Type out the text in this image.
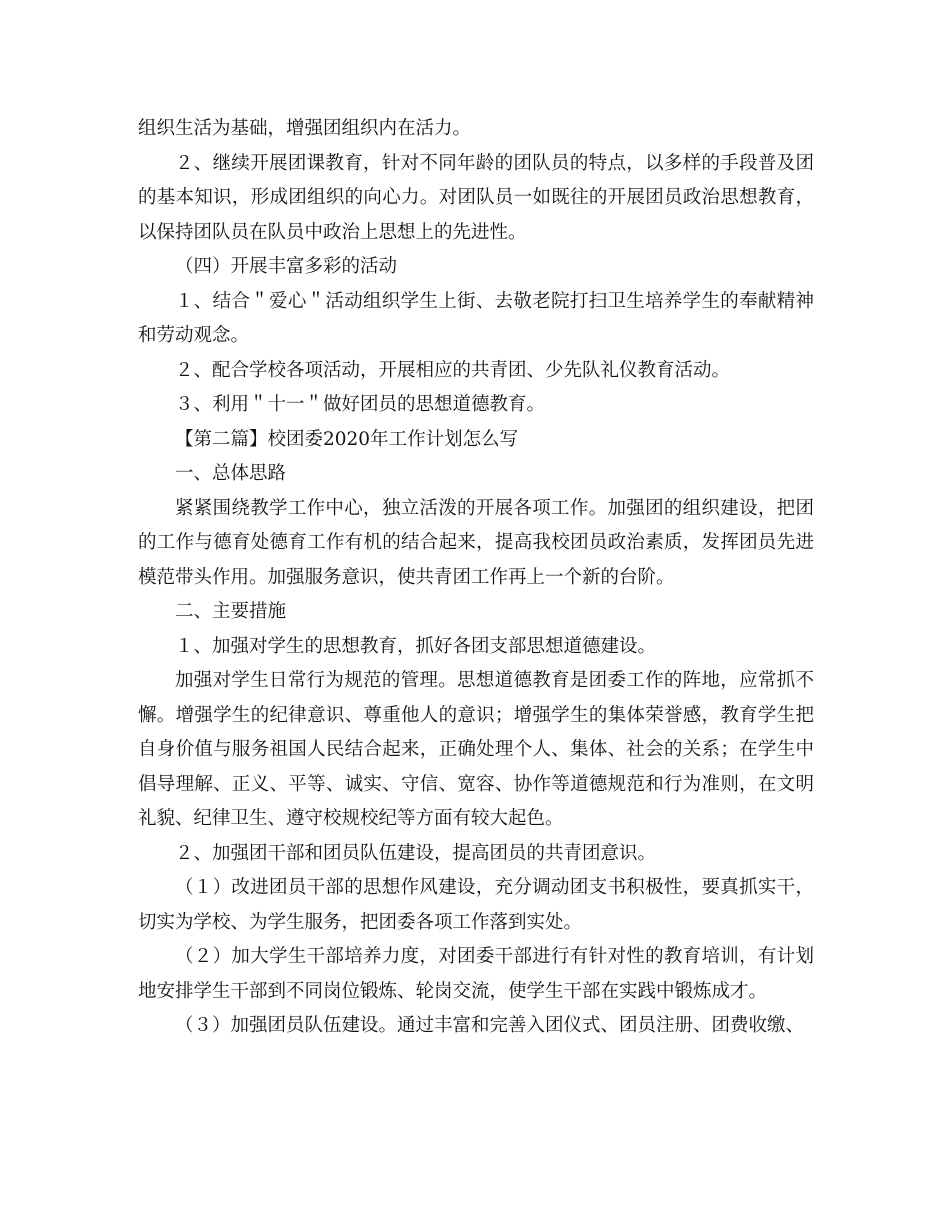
组织生活为基础，增强团组织内在活力。

２、继续开展团课教育，针对不同年龄的团队员的特点，以多样的手段普及团的基本知识，形成团组织的向心力。对团队员一如既往的开展团员政治思想教育，以保持团队员在队员中政治上思想上的先进性。

（四）开展丰富多彩的活动

１、结合＂爱心＂活动组织学生上街、去敬老院打扫卫生培养学生的奉献精神和劳动观念。

２、配合学校各项活动，开展相应的共青团、少先队礼仪教育活动。

３、利用＂十一＂做好团员的思想道德教育。

【第二篇】校团委2020年工作计划怎么写

一、总体思路

紧紧围绕教学工作中心，独立活泼的开展各项工作。加强团的组织建设，把团的工作与德育处德育工作有机的结合起来，提高我校团员政治素质，发挥团员先进模范带头作用。加强服务意识，使共青团工作再上一个新的台阶。

二、主要措施

１、加强对学生的思想教育，抓好各团支部思想道德建设。

加强对学生日常行为规范的管理。思想道德教育是团委工作的阵地，应常抓不懈。增强学生的纪律意识、尊重他人的意识；增强学生的集体荣誉感，教育学生把自身价值与服务祖国人民结合起来，正确处理个人、集体、社会的关系；在学生中倡导理解、正义、平等、诚实、守信、宽容、协作等道德规范和行为准则，在文明礼貌、纪律卫生、遵守校规校纪等方面有较大起色。

２、加强团干部和团员队伍建设，提高团员的共青团意识。

（１）改进团员干部的思想作风建设，充分调动团支书积极性，要真抓实干，切实为学校、为学生服务，把团委各项工作落到实处。

（２）加大学生干部培养力度，对团委干部进行有针对性的教育培训，有计划地安排学生干部到不同岗位锻炼、轮岗交流，使学生干部在实践中锻炼成才。

（３）加强团员队伍建设。通过丰富和完善入团仪式、团员注册、团费收缴、
